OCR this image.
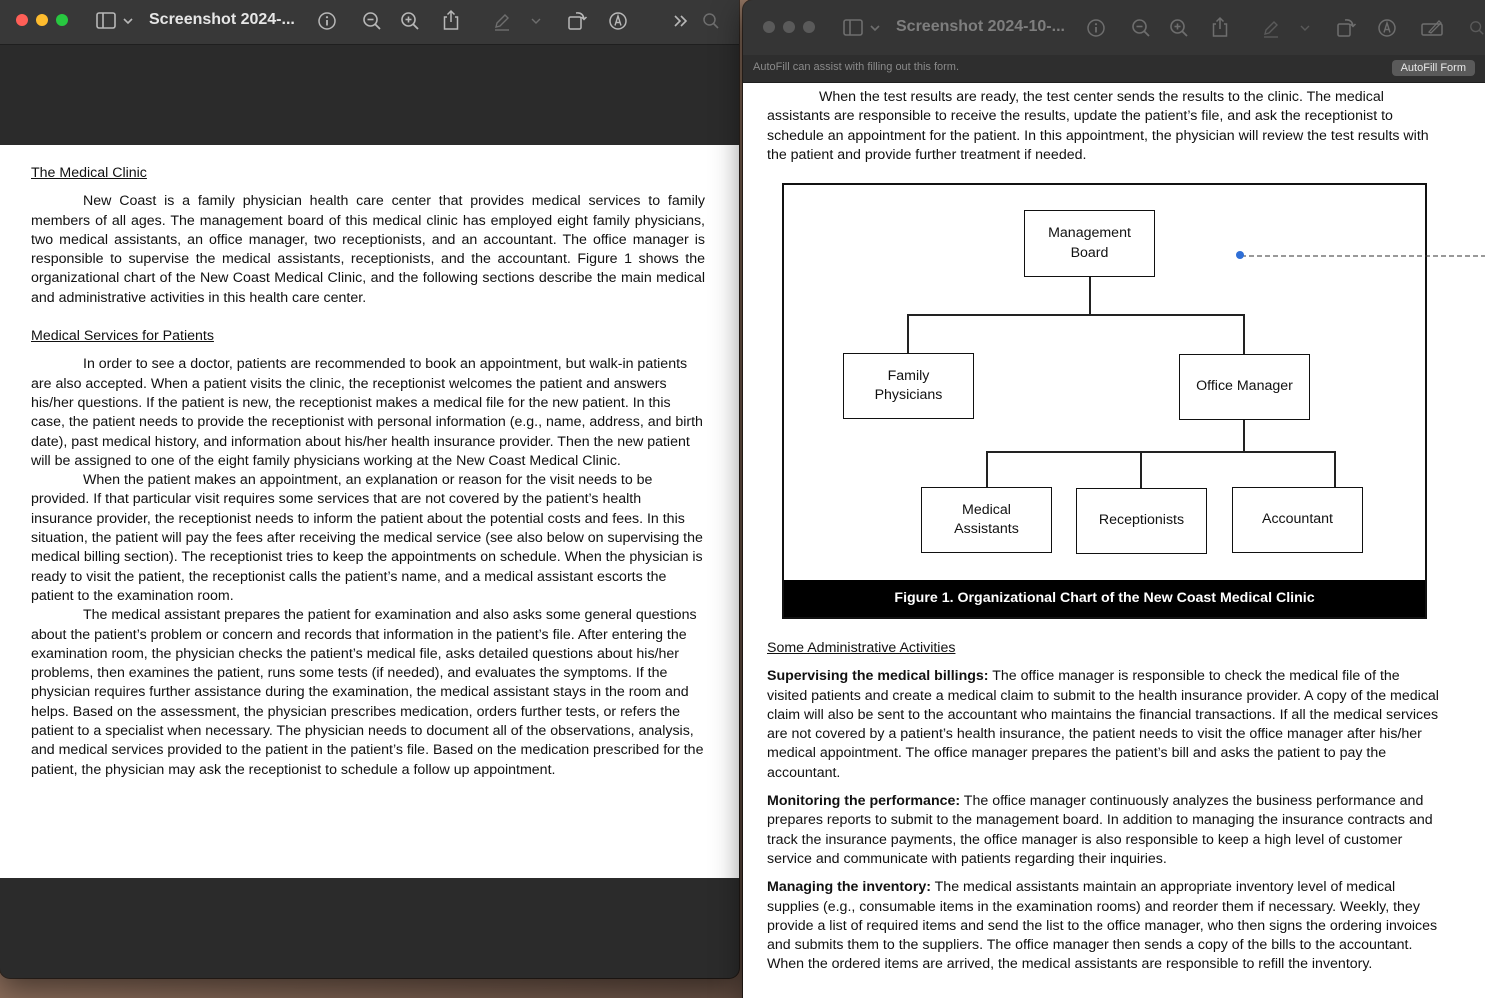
Screenshot 2024-...

The Medical Clinic

New Coast is a family physician health care center that provides medical services to family members of all ages. The management board of this medical clinic has employed eight family physicians, two medical assistants, an office manager, two receptionists, and an accountant. The office manager is responsible to supervise the medical assistants, receptionists, and the accountant. Figure 1 shows the organizational chart of the New Coast Medical Clinic, and the following sections describe the main medical and administrative activities in this health care center.

Medical Services for Patients

In order to see a doctor, patients are recommended to book an appointment, but walk-in patients are also accepted. When a patient visits the clinic, the receptionist welcomes the patient and answers his/her questions. If the patient is new, the receptionist makes a medical file for the new patient. In this case, the patient needs to provide the receptionist with personal information (e.g., name, address, and birth date), past medical history, and information about his/her health insurance provider. Then the new patient will be assigned to one of the eight family physicians working at the New Coast Medical Clinic.

When the patient makes an appointment, an explanation or reason for the visit needs to be provided. If that particular visit requires some services that are not covered by the patient’s health insurance provider, the receptionist needs to inform the patient about the potential costs and fees. In this situation, the patient will pay the fees after receiving the medical service (see also below on supervising the medical billing section). The receptionist tries to keep the appointments on schedule. When the physician is ready to visit the patient, the receptionist calls the patient’s name, and a medical assistant escorts the patient to the examination room.

The medical assistant prepares the patient for examination and also asks some general questions about the patient’s problem or concern and records that information in the patient’s file. After entering the examination room, the physician checks the patient’s medical file, asks detailed questions about his/her problems, then examines the patient, runs some tests (if needed), and evaluates the symptoms. If the physician requires further assistance during the examination, the medical assistant stays in the room and helps. Based on the assessment, the physician prescribes medication, orders further tests, or refers the patient to a specialist when necessary. The physician needs to document all of the observations, analysis, and medical services provided to the patient in the patient’s file. Based on the medication prescribed for the patient, the physician may ask the receptionist to schedule a follow up appointment.

Screenshot 2024-10-...
AutoFill can assist with filling out this form.	AutoFill Form

When the test results are ready, the test center sends the results to the clinic. The medical assistants are responsible to receive the results, update the patient’s file, and ask the receptionist to schedule an appointment for the patient. In this appointment, the physician will review the test results with the patient and provide further treatment if needed.

Management Board
Family Physicians
Office Manager
Medical Assistants
Receptionists	Accountant
Figure 1. Organizational Chart of the New Coast Medical Clinic

Some Administrative Activities

Supervising the medical billings: The office manager is responsible to check the medical file of the visited patients and create a medical claim to submit to the health insurance provider. A copy of the medical claim will also be sent to the accountant who maintains the financial transactions. If all the medical services are not covered by a patient’s health insurance, the patient needs to visit the office manager after his/her medical appointment. The office manager prepares the patient’s bill and asks the patient to pay the accountant.

Monitoring the performance: The office manager continuously analyzes the business performance and prepares reports to submit to the management board. In addition to managing the insurance contracts and track the insurance payments, the office manager is also responsible to keep a high level of customer service and communicate with patients regarding their inquiries.

Managing the inventory: The medical assistants maintain an appropriate inventory level of medical supplies (e.g., consumable items in the examination rooms) and reorder them if necessary. Weekly, they provide a list of required items and send the list to the office manager, who then signs the ordering invoices and submits them to the suppliers. The office manager then sends a copy of the bills to the accountant. When the ordered items are arrived, the medical assistants are responsible to refill the inventory.
